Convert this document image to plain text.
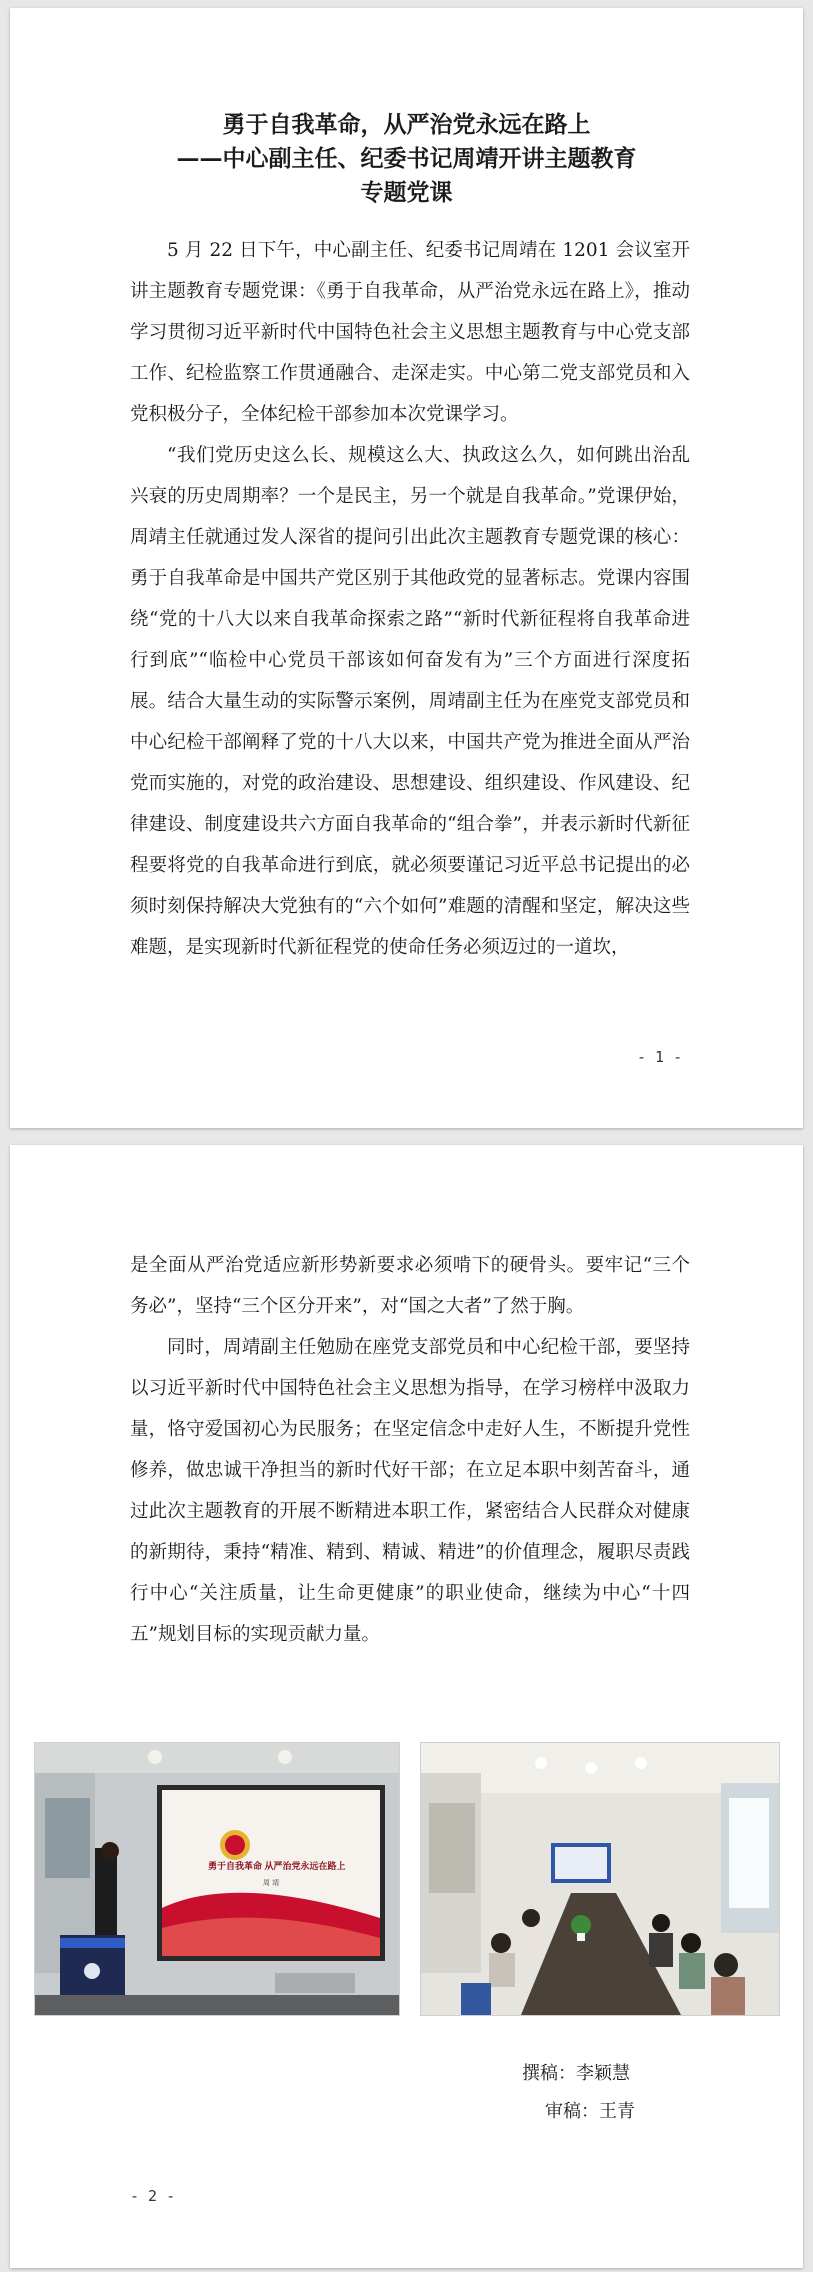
勇于自我革命，从严治党永远在路上
——中心副主任、纪委书记周靖开讲主题教育
专题党课

5 月 22 日下午，中心副主任、纪委书记周靖在 1201 会议室开讲主题教育专题党课：《勇于自我革命，从严治党永远在路上》，推动学习贯彻习近平新时代中国特色社会主义思想主题教育与中心党支部工作、纪检监察工作贯通融合、走深走实。中心第二党支部党员和入党积极分子，全体纪检干部参加本次党课学习。

“我们党历史这么长、规模这么大、执政这么久，如何跳出治乱兴衰的历史周期率？一个是民主，另一个就是自我革命。”党课伊始，周靖主任就通过发人深省的提问引出此次主题教育专题党课的核心：勇于自我革命是中国共产党区别于其他政党的显著标志。党课内容围绕“党的十八大以来自我革命探索之路”“新时代新征程将自我革命进行到底”“临检中心党员干部该如何奋发有为”三个方面进行深度拓展。结合大量生动的实际警示案例，周靖副主任为在座党支部党员和中心纪检干部阐释了党的十八大以来，中国共产党为推进全面从严治党而实施的，对党的政治建设、思想建设、组织建设、作风建设、纪律建设、制度建设共六方面自我革命的“组合拳”，并表示新时代新征程要将党的自我革命进行到底，就必须要谨记习近平总书记提出的必须时刻保持解决大党独有的“六个如何”难题的清醒和坚定，解决这些难题，是实现新时代新征程党的使命任务必须迈过的一道坎，

- 1 -

是全面从严治党适应新形势新要求必须啃下的硬骨头。要牢记“三个务必”，坚持“三个区分开来”，对“国之大者”了然于胸。

同时，周靖副主任勉励在座党支部党员和中心纪检干部，要坚持以习近平新时代中国特色社会主义思想为指导，在学习榜样中汲取力量，恪守爱国初心为民服务；在坚定信念中走好人生，不断提升党性修养，做忠诚干净担当的新时代好干部；在立足本职中刻苦奋斗，通过此次主题教育的开展不断精进本职工作，紧密结合人民群众对健康的新期待，秉持“精准、精到、精诚、精进”的价值理念，履职尽责践行中心“关注质量，让生命更健康”的职业使命，继续为中心“十四五”规划目标的实现贡献力量。

勇于自我革命 从严治党永远在路上
周 靖
撰稿：李颖慧
审稿：王青
- 2 -
